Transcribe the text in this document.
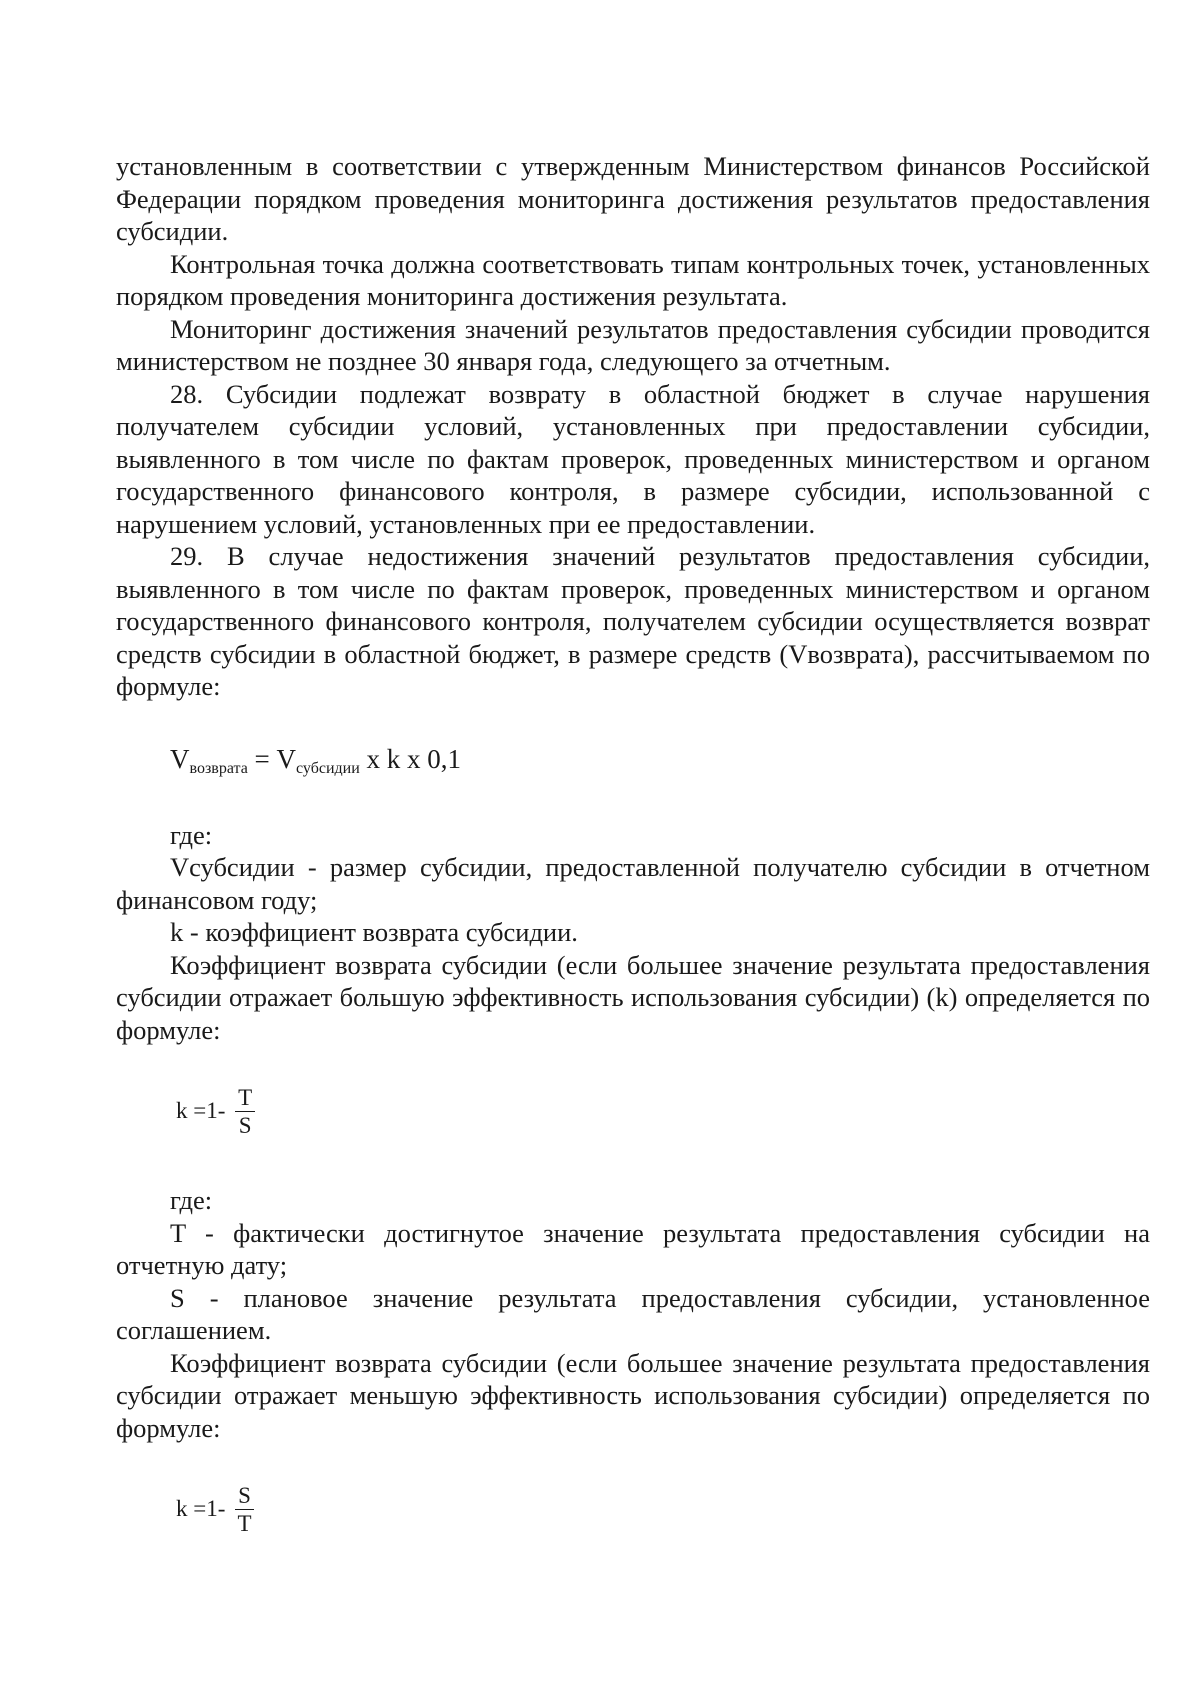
установленным в соответствии с утвержденным Министерством финансов Российской Федерации порядком проведения мониторинга достижения результатов предоставления субсидии.

Контрольная точка должна соответствовать типам контрольных точек, установленных порядком проведения мониторинга достижения результата.

Мониторинг достижения значений результатов предоставления субсидии проводится министерством не позднее 30 января года, следующего за отчетным.

28. Субсидии подлежат возврату в областной бюджет в случае нарушения получателем субсидии условий, установленных при предоставлении субсидии, выявленного в том числе по фактам проверок, проведенных министерством и органом государственного финансового контроля, в размере субсидии, использованной с нарушением условий, установленных при ее предоставлении.

29. В случае недостижения значений результатов предоставления субсидии, выявленного в том числе по фактам проверок, проведенных министерством и органом государственного финансового контроля, получателем субсидии осуществляется возврат средств субсидии в областной бюджет, в размере средств (Vвозврата), рассчитываемом по формуле:

$V_{возврата} = V_{субсидии}$ x k x 0,1

где:

Vсубсидии - размер субсидии, предоставленной получателю субсидии в отчетном финансовом году;

k - коэффициент возврата субсидии.

Коэффициент возврата субсидии (если большее значение результата предоставления субсидии отражает большую эффективность использования субсидии) (k) определяется по формуле:

$k =1- \frac{T}{S}$

где:

T - фактически достигнутое значение результата предоставления субсидии на отчетную дату;

S - плановое значение результата предоставления субсидии, установленное соглашением.

Коэффициент возврата субсидии (если большее значение результата предоставления субсидии отражает меньшую эффективность использования субсидии) определяется по формуле:

$k =1- \frac{S}{T}$
